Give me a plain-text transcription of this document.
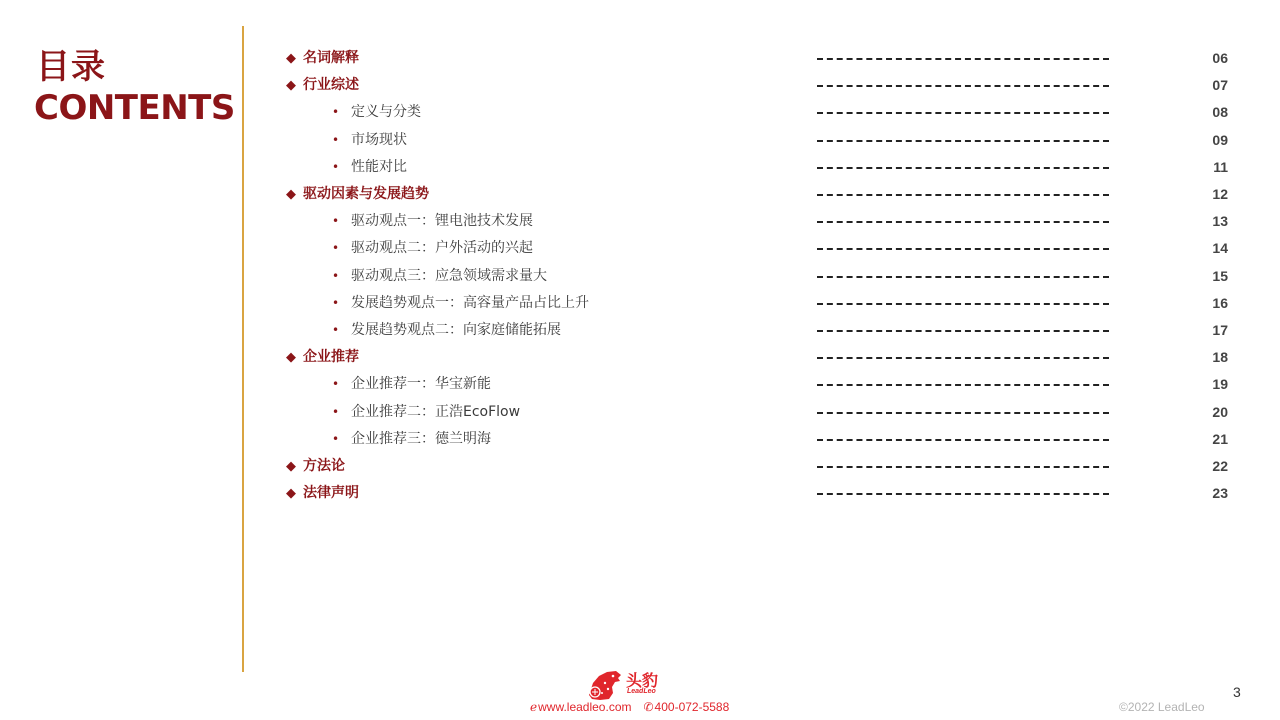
目录
CONTENTS
◆ 名词解释	06
◆ 行业综述	07
• 定义与分类	08
• 市场现状	09
• 性能对比	11
◆ 驱动因素与发展趋势	12
• 驱动观点一：锂电池技术发展	13
• 驱动观点二：户外活动的兴起	14
• 驱动观点三：应急领域需求量大	15
• 发展趋势观点一：高容量产品占比上升	16
• 发展趋势观点二：向家庭储能拓展	17
◆ 企业推荐	18
• 企业推荐一：华宝新能	19
• 企业推荐二：正浩EcoFlow	20
• 企业推荐三：德兰明海	21
◆ 方法论	22
◆ 法律声明	23
头豹
LeadLeo
ℯwww.leadleo.com ✆400-072-5588	©2022 LeadLeo
3
